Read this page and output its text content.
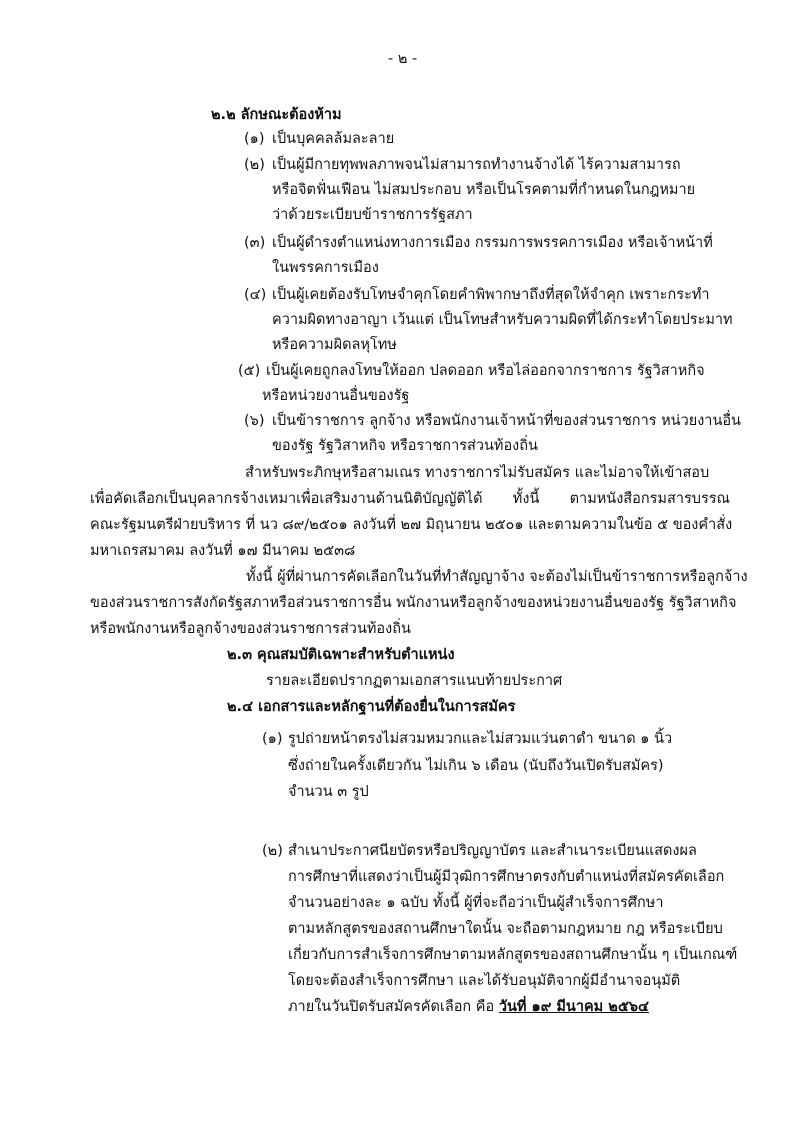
- ๒ -
๒.๒ ลักษณะต้องห้าม
(๑) เป็นบุคคลล้มละลาย
(๒) เป็นผู้มีกายทุพพลภาพจนไม่สามารถทำงานจ้างได้ ไร้ความสามารถ
หรือจิตฟั่นเฟือน ไม่สมประกอบ หรือเป็นโรคตามที่กำหนดในกฎหมาย
ว่าด้วยระเบียบข้าราชการรัฐสภา
(๓) เป็นผู้ดำรงตำแหน่งทางการเมือง กรรมการพรรคการเมือง หรือเจ้าหน้าที่
ในพรรคการเมือง
(๔) เป็นผู้เคยต้องรับโทษจำคุกโดยคำพิพากษาถึงที่สุดให้จำคุก เพราะกระทำ
ความผิดทางอาญา เว้นแต่ เป็นโทษสำหรับความผิดที่ได้กระทำโดยประมาท
หรือความผิดลหุโทษ
(๕) เป็นผู้เคยถูกลงโทษให้ออก ปลดออก หรือไล่ออกจากราชการ รัฐวิสาหกิจ
หรือหน่วยงานอื่นของรัฐ
(๖) เป็นข้าราชการ ลูกจ้าง หรือพนักงานเจ้าหน้าที่ของส่วนราชการ หน่วยงานอื่น
ของรัฐ รัฐวิสาหกิจ หรือราชการส่วนท้องถิ่น
สำหรับพระภิกษุหรือสามเณร ทางราชการไม่รับสมัคร และไม่อาจให้เข้าสอบ
เพื่อคัดเลือกเป็นบุคลากรจ้างเหมาเพื่อเสริมงานด้านนิติบัญญัติได้ ทั้งนี้ ตามหนังสือกรมสารบรรณ
คณะรัฐมนตรีฝ่ายบริหาร ที่ นว ๘๙/๒๕๐๑ ลงวันที่ ๒๗ มิถุนายน ๒๕๐๑ และตามความในข้อ ๕ ของคำสั่ง
มหาเถรสมาคม ลงวันที่ ๑๗ มีนาคม ๒๕๓๘
ทั้งนี้ ผู้ที่ผ่านการคัดเลือกในวันที่ทำสัญญาจ้าง จะต้องไม่เป็นข้าราชการหรือลูกจ้าง
ของส่วนราชการสังกัดรัฐสภาหรือส่วนราชการอื่น พนักงานหรือลูกจ้างของหน่วยงานอื่นของรัฐ รัฐวิสาหกิจ
หรือพนักงานหรือลูกจ้างของส่วนราชการส่วนท้องถิ่น
๒.๓ คุณสมบัติเฉพาะสำหรับตำแหน่ง
รายละเอียดปรากฏตามเอกสารแนบท้ายประกาศ
๒.๔ เอกสารและหลักฐานที่ต้องยื่นในการสมัคร
(๑) รูปถ่ายหน้าตรงไม่สวมหมวกและไม่สวมแว่นตาดำ ขนาด ๑ นิ้ว
ซึ่งถ่ายในครั้งเดียวกัน ไม่เกิน ๖ เดือน (นับถึงวันเปิดรับสมัคร)
จำนวน ๓ รูป
(๒) สำเนาประกาศนียบัตรหรือปริญญาบัตร และสำเนาระเบียนแสดงผล
การศึกษาที่แสดงว่าเป็นผู้มีวุฒิการศึกษาตรงกับตำแหน่งที่สมัครคัดเลือก
จำนวนอย่างละ ๑ ฉบับ ทั้งนี้ ผู้ที่จะถือว่าเป็นผู้สำเร็จการศึกษา
ตามหลักสูตรของสถานศึกษาใดนั้น จะถือตามกฎหมาย กฎ หรือระเบียบ
เกี่ยวกับการสำเร็จการศึกษาตามหลักสูตรของสถานศึกษานั้น ๆ เป็นเกณฑ์
โดยจะต้องสำเร็จการศึกษา และได้รับอนุมัติจากผู้มีอำนาจอนุมัติ
ภายในวันปิดรับสมัครคัดเลือก คือ วันที่ ๑๙ มีนาคม ๒๕๖๔
